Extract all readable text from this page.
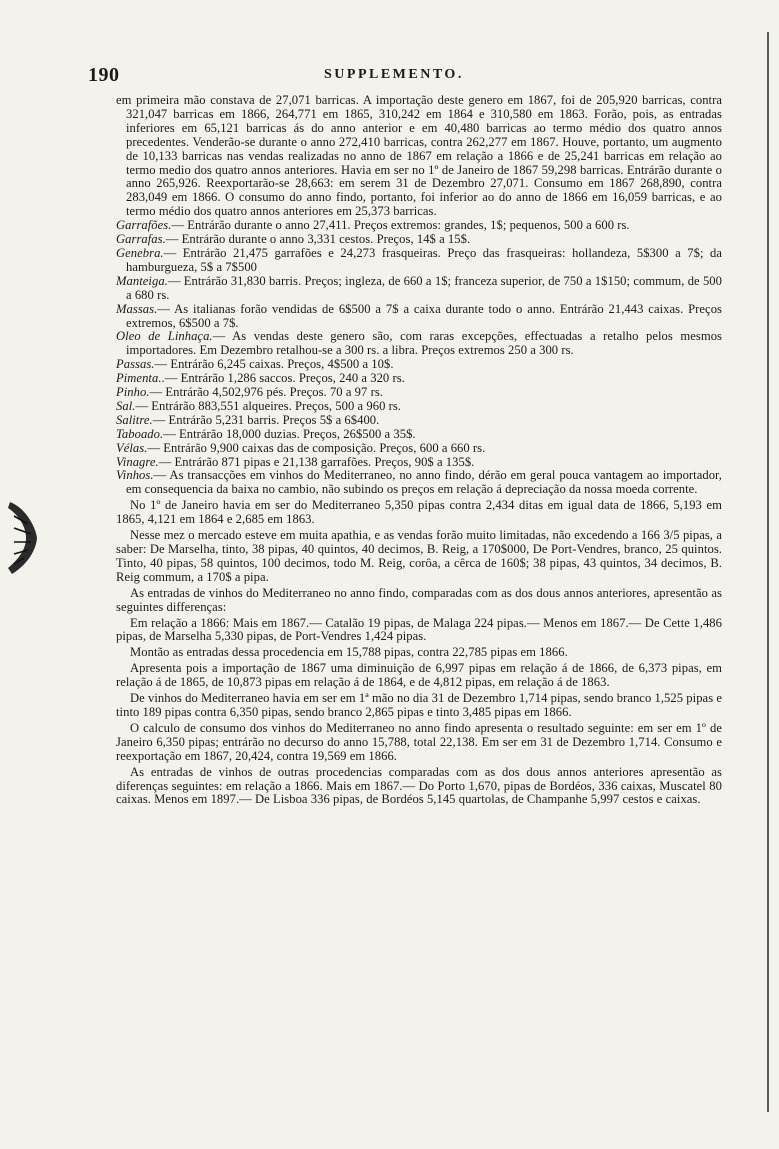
190	SUPPLEMENTO.

em primeira mão constava de 27,071 barricas. A importação deste genero em 1867, foi de 205,920 barricas, contra 321,047 barricas em 1866, 264,771 em 1865, 310,242 em 1864 e 310,580 em 1863. Forão, pois, as entradas inferiores em 65,121 barricas ás do anno anterior e em 40,480 barricas ao termo médio dos quatro annos precedentes. Venderão-se durante o anno 272,410 barricas, contra 262,277 em 1867. Houve, portanto, um augmento de 10,133 barricas nas vendas realizadas no anno de 1867 em relação a 1866 e de 25,241 barricas em relação ao termo medio dos quatro annos anteriores. Havia em ser no 1º de Janeiro de 1867 59,298 barricas. Entrárão durante o anno 265,926. Reexportarão-se 28,663: em serem 31 de Dezembro 27,071. Consumo em 1867 268,890, contra 283,049 em 1866. O consumo do anno findo, portanto, foi inferior ao do anno de 1866 em 16,059 barricas, e ao termo médio dos quatro annos anteriores em 25,373 barricas.

Garrafões.— Entrárão durante o anno 27,411. Preços extremos: grandes, 1$; pequenos, 500 a 600 rs.

Garrafas.— Entrárão durante o anno 3,331 cestos. Preços, 14$ a 15$.

Genebra.— Entrárão 21,475 garrafões e 24,273 frasqueiras. Preço das frasqueiras: hollandeza, 5$300 a 7$; da hamburgueza, 5$ a 7$500

Manteiga.— Entrárão 31,830 barris. Preços; ingleza, de 660 a 1$; franceza superior, de 750 a 1$150; commum, de 500 a 680 rs.

Massas.— As italianas forão vendidas de 6$500 a 7$ a caixa durante todo o anno. Entrárão 21,443 caixas. Preços extremos, 6$500 a 7$.

Oleo de Linhaça.— As vendas deste genero são, com raras excepções, effectuadas a retalho pelos mesmos importadores. Em Dezembro retalhou-se a 300 rs. a libra. Preços extremos 250 a 300 rs.

Passas.— Entrárão 6,245 caixas. Preços, 4$500 a 10$.

Pimenta..— Entrárão 1,286 saccos. Preços, 240 a 320 rs.

Pinho.— Entrárão 4,502,976 pés. Preços. 70 a 97 rs.

Sal.— Entrárão 883,551 alqueires. Preços, 500 a 960 rs.

Salitre.— Entrárão 5,231 barris. Preços 5$ a 6$400.

Taboado.— Entrárão 18,000 duzias. Preços, 26$500 a 35$.

Vélas.— Entrárão 9,900 caixas das de composição. Preços, 600 a 660 rs.

Vinagre.— Entrárão 871 pipas e 21,138 garrafões. Preços, 90$ a 135$.

Vinhos.— As transacções em vinhos do Mediterraneo, no anno findo, dérão em geral pouca vantagem ao importador, em consequencia da baixa no cambio, não subindo os preços em relação á depreciação da nossa moeda corrente.

No 1º de Janeiro havia em ser do Mediterraneo 5,350 pipas contra 2,434 ditas em igual data de 1866, 5,193 em 1865, 4,121 em 1864 e 2,685 em 1863.

Nesse mez o mercado esteve em muita apathia, e as vendas forão muito limitadas, não excedendo a 166 3/5 pipas, a saber: De Marselha, tinto, 38 pipas, 40 quintos, 40 decimos, B. Reig, a 170$000, De Port-Vendres, branco, 25 quintos. Tinto, 40 pipas, 58 quintos, 100 decimos, todo M. Reig, corôa, a cêrca de 160$; 38 pipas, 43 quintos, 34 decimos, B. Reig commum, a 170$ a pipa.

As entradas de vinhos do Mediterraneo no anno findo, comparadas com as dos dous annos anteriores, apresentão as seguintes differenças:

Em relação a 1866: Mais em 1867.— Catalão 19 pipas, de Malaga 224 pipas.— Menos em 1867.— De Cette 1,486 pipas, de Marselha 5,330 pipas, de Port-Vendres 1,424 pipas.

Montão as entradas dessa procedencia em 15,788 pipas, contra 22,785 pipas em 1866.

Apresenta pois a importação de 1867 uma diminuição de 6,997 pipas em relação á de 1866, de 6,373 pipas, em relação á de 1865, de 10,873 pipas em relação á de 1864, e de 4,812 pipas, em relação á de 1863.

De vinhos do Mediterraneo havia em ser em 1ª mão no dia 31 de Dezembro 1,714 pipas, sendo branco 1,525 pipas e tinto 189 pipas contra 6,350 pipas, sendo branco 2,865 pipas e tinto 3,485 pipas em 1866.

O calculo de consumo dos vinhos do Mediterraneo no anno findo apresenta o resultado seguinte: em ser em 1º de Janeiro 6,350 pipas; entrárão no decurso do anno 15,788, total 22,138. Em ser em 31 de Dezembro 1,714. Consumo e reexportação em 1867, 20,424, contra 19,569 em 1866.

As entradas de vinhos de outras procedencias comparadas com as dos dous annos anteriores apresentão as diferenças seguintes: em relação a 1866. Mais em 1867.— Do Porto 1,670, pipas de Bordéos, 336 caixas, Muscatel 80 caixas. Menos em 1897.— De Lisboa 336 pipas, de Bordéos 5,145 quartolas, de Champanhe 5,997 cestos e caixas.
